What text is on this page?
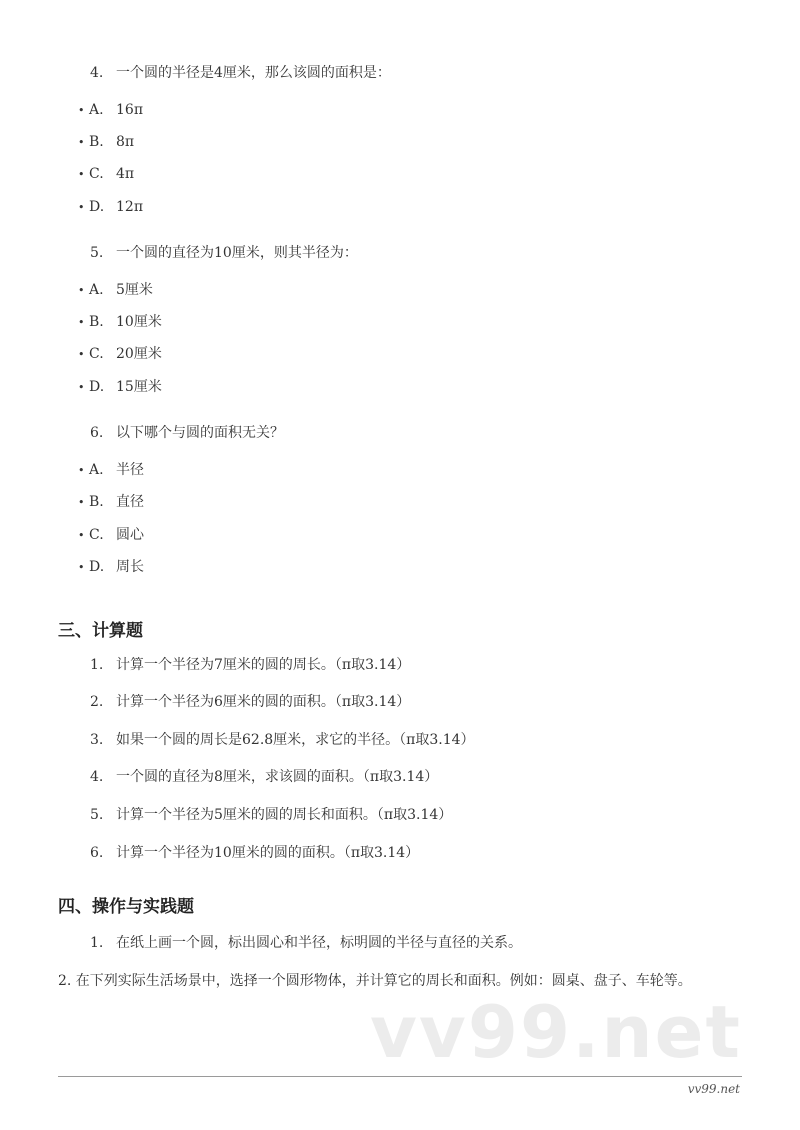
4. 一个圆的半径是4厘米，那么该圆的面积是：
• A. 16π
• B. 8π
• C. 4π
• D. 12π
5. 一个圆的直径为10厘米，则其半径为：
• A. 5厘米
• B. 10厘米
• C. 20厘米
• D. 15厘米
6. 以下哪个与圆的面积无关？
• A. 半径
• B. 直径
• C. 圆心
• D. 周长
三、计算题
1. 计算一个半径为7厘米的圆的周长。（π取3.14）
2. 计算一个半径为6厘米的圆的面积。（π取3.14）
3. 如果一个圆的周长是62.8厘米，求它的半径。（π取3.14）
4. 一个圆的直径为8厘米，求该圆的面积。（π取3.14）
5. 计算一个半径为5厘米的圆的周长和面积。（π取3.14）
6. 计算一个半径为10厘米的圆的面积。（π取3.14）
四、操作与实践题
1. 在纸上画一个圆，标出圆心和半径，标明圆的半径与直径的关系。
2. 在下列实际生活场景中，选择一个圆形物体，并计算它的周长和面积。例如：圆桌、盘子、车轮等。
vv99.net
vv99.net
